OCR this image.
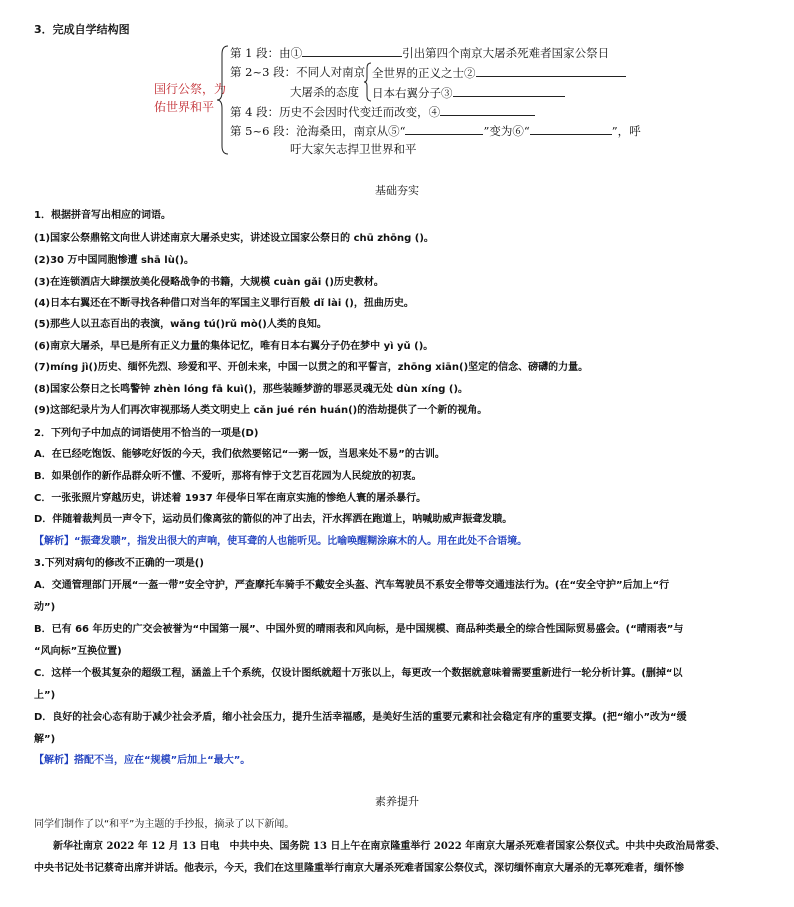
3．完成自学结构图
国行公祭，为
佑世界和平
第 1 段：由①	引出第四个南京大屠杀死难者国家公祭日
第 2~3 段：不同人对南京 全世界的正义之士②
大屠杀的态度 日本右翼分子③
第 4 段：历史不会因时代变迁而改变，④
第 5~6 段：沧海桑田，南京从⑤“	”变为⑥“	”，呼
吁大家矢志捍卫世界和平
基础夯实
1．根据拼音写出相应的词语。
(1)国家公祭鼎铭文向世人讲述南京大屠杀史实，讲述设立国家公祭日的 chū zhōng ()。
(2)30 万中国同胞惨遭 shā lù()。
(3)在连锁酒店大肆摆放美化侵略战争的书籍，大规模 cuàn gǎi ()历史教材。
(4)日本右翼还在不断寻找各种借口对当年的军国主义罪行百般 dǐ lài ()，扭曲历史。
(5)那些人以丑态百出的表演，wǎng tú()rǔ mò()人类的良知。
(6)南京大屠杀，早已是所有正义力量的集体记忆，唯有日本右翼分子仍在梦中 yì yǔ ()。
(7)míng jì()历史、缅怀先烈、珍爱和平、开创未来，中国一以贯之的和平誓言，zhōng xiān()坚定的信念、磅礴的力量。
(8)国家公祭日之长鸣警钟 zhèn lóng fā kuì()，那些装睡梦游的罪恶灵魂无处 dùn xíng ()。
(9)这部纪录片为人们再次审视那场人类文明史上 cǎn jué rén huán()的浩劫提供了一个新的视角。
2．下列句子中加点的词语使用不恰当的一项是(D)
A．在已经吃饱饭、能够吃好饭的今天，我们依然要铭记“一粥一饭，当思来处不易”的古训。
B．如果创作的新作品群众听不懂、不爱听，那将有悖于文艺百花园为人民绽放的初衷。
C．一张张照片穿越历史，讲述着 1937 年侵华日军在南京实施的惨绝人寰的屠杀暴行。
D．伴随着裁判员一声令下，运动员们像离弦的箭似的冲了出去，汗水挥洒在跑道上，呐喊助威声振聋发聩。
【解析】“振聋发聩”，指发出很大的声响，使耳聋的人也能听见。比喻唤醒糊涂麻木的人。用在此处不合语境。
3.下列对病句的修改不正确的一项是()
A．交通管理部门开展“一盔一带”安全守护，严查摩托车骑手不戴安全头盔、汽车驾驶员不系安全带等交通违法行为。(在“安全守护”后加上“行
动”)
B．已有 66 年历史的广交会被誉为“中国第一展”、中国外贸的晴雨表和风向标，是中国规模、商品种类最全的综合性国际贸易盛会。(“晴雨表”与
“风向标”互换位置)
C．这样一个极其复杂的超级工程，涵盖上千个系统，仅设计图纸就超十万张以上，每更改一个数据就意味着需要重新进行一轮分析计算。(删掉“以
上”)
D．良好的社会心态有助于减少社会矛盾，缩小社会压力，提升生活幸福感，是美好生活的重要元素和社会稳定有序的重要支撑。(把“缩小”改为“缓
解”)
【解析】搭配不当，应在“规模”后加上“最大”。
素养提升
同学们制作了以“和平”为主题的手抄报，摘录了以下新闻。
新华社南京 2022 年 12 月 13 日电　中共中央、国务院 13 日上午在南京隆重举行 2022 年南京大屠杀死难者国家公祭仪式。中共中央政治局常委、
中央书记处书记蔡奇出席并讲话。他表示，今天，我们在这里隆重举行南京大屠杀死难者国家公祭仪式，深切缅怀南京大屠杀的无辜死难者，缅怀惨
